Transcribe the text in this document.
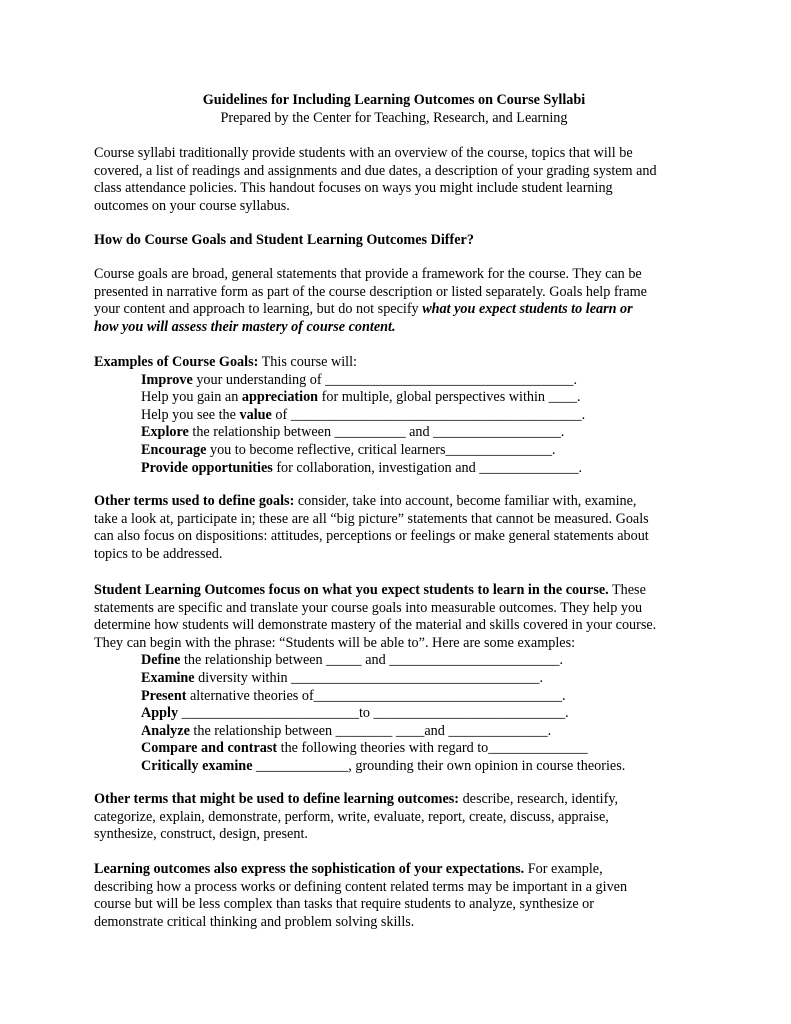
Guidelines for Including Learning Outcomes on Course Syllabi
Prepared by the Center for Teaching, Research, and Learning
Course syllabi traditionally provide students with an overview of the course, topics that will be
covered, a list of readings and assignments and due dates, a description of your grading system and
class attendance policies. This handout focuses on ways you might include student learning
outcomes on your course syllabus.
How do Course Goals and Student Learning Outcomes Differ?
Course goals are broad, general statements that provide a framework for the course. They can be
presented in narrative form as part of the course description or listed separately. Goals help frame
your content and approach to learning, but do not specify what you expect students to learn or
how you will assess their mastery of course content.
Examples of Course Goals: This course will:
Improve your understanding of ___________________________________.
Help you gain an appreciation for multiple, global perspectives within ____.
Help you see the value of _________________________________________.
Explore the relationship between __________ and __________________.
Encourage you to become reflective, critical learners_______________.
Provide opportunities for collaboration, investigation and ______________.
Other terms used to define goals: consider, take into account, become familiar with, examine,
take a look at, participate in; these are all “big picture” statements that cannot be measured. Goals
can also focus on dispositions: attitudes, perceptions or feelings or make general statements about
topics to be addressed.
Student Learning Outcomes focus on what you expect students to learn in the course. These
statements are specific and translate your course goals into measurable outcomes. They help you
determine how students will demonstrate mastery of the material and skills covered in your course.
They can begin with the phrase: “Students will be able to”. Here are some examples:
Define the relationship between _____ and ________________________.
Examine diversity within ___________________________________.
Present alternative theories of___________________________________.
Apply _________________________to ___________________________.
Analyze the relationship between ________ ____and ______________.
Compare and contrast the following theories with regard to______________
Critically examine _____________, grounding their own opinion in course theories.
Other terms that might be used to define learning outcomes: describe, research, identify,
categorize, explain, demonstrate, perform, write, evaluate, report, create, discuss, appraise,
synthesize, construct, design, present.
Learning outcomes also express the sophistication of your expectations. For example,
describing how a process works or defining content related terms may be important in a given
course but will be less complex than tasks that require students to analyze, synthesize or
demonstrate critical thinking and problem solving skills.
